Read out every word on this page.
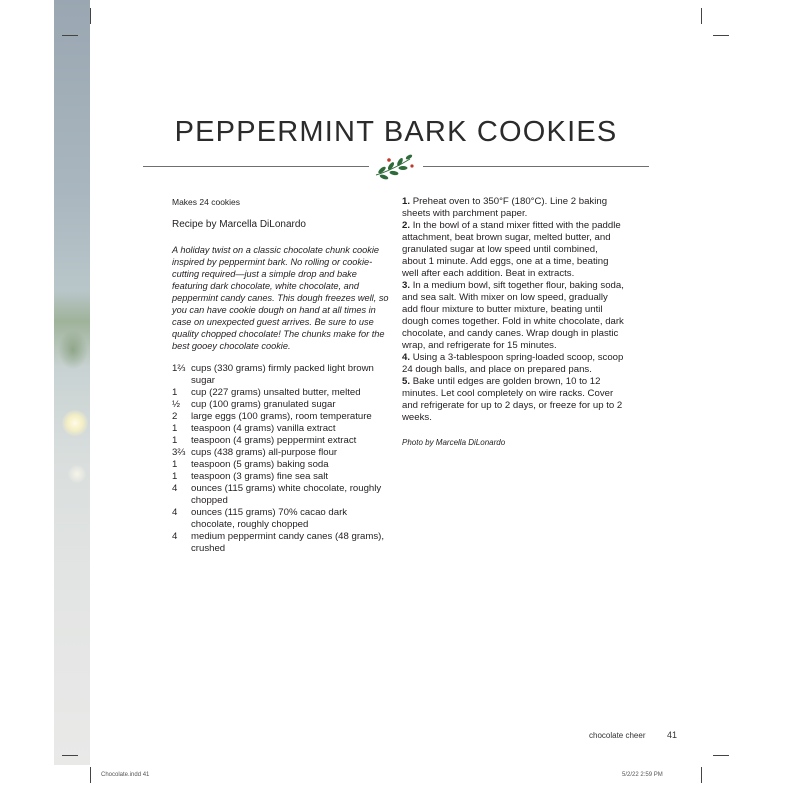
PEPPERMINT BARK COOKIES

Makes 24 cookies

Recipe by Marcella DiLonardo

A holiday twist on a classic chocolate chunk cookie inspired by peppermint bark. No rolling or cookie-cutting required—just a simple drop and bake featuring dark chocolate, white chocolate, and peppermint candy canes. This dough freezes well, so you can have cookie dough on hand at all times in case on unexpected guest arrives. Be sure to use quality chopped chocolate! The chunks make for the best gooey chocolate cookie.

1⅔ cups (330 grams) firmly packed light brown sugar
1	cup (227 grams) unsalted butter, melted
½	cup (100 grams) granulated sugar
2	large eggs (100 grams), room temperature
1	teaspoon (4 grams) vanilla extract
1	teaspoon (4 grams) peppermint extract
3⅔ cups (438 grams) all-purpose flour
1	teaspoon (5 grams) baking soda
1	teaspoon (3 grams) fine sea salt
4	ounces (115 grams) white chocolate, roughly chopped
4	ounces (115 grams) 70% cacao dark chocolate, roughly chopped
4	medium peppermint candy canes (48 grams), crushed
1. Preheat oven to 350°F (180°C). Line 2 baking sheets with parchment paper.
2. In the bowl of a stand mixer fitted with the paddle attachment, beat brown sugar, melted butter, and granulated sugar at low speed until combined, about 1 minute. Add eggs, one at a time, beating well after each addition. Beat in extracts.
3. In a medium bowl, sift together flour, baking soda, and sea salt. With mixer on low speed, gradually add flour mixture to butter mixture, beating until dough comes together. Fold in white chocolate, dark chocolate, and candy canes. Wrap dough in plastic wrap, and refrigerate for 15 minutes.
4. Using a 3-tablespoon spring-loaded scoop, scoop 24 dough balls, and place on prepared pans.
5. Bake until edges are golden brown, 10 to 12 minutes. Let cool completely on wire racks. Cover and refrigerate for up to 2 days, or freeze for up to 2 weeks.
Photo by Marcella DiLonardo
chocolate cheer 41
Chocolate.indd 41	5/2/22 2:59 PM
